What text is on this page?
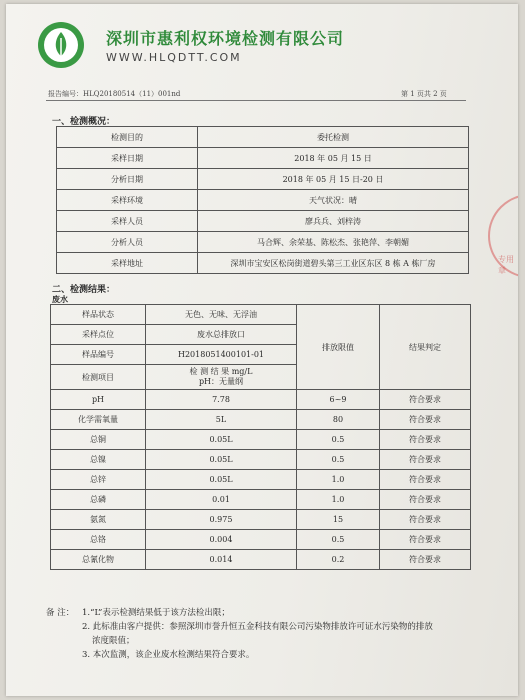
深圳市惠利权环境检测有限公司
WWW.HLQDTT.COM
报告编号：HLQ20180514（11）001nd	第 1 页共 2 页
一、检测概况：
检测目的	委托检测
采样日期	2018 年 05 月 15 日
分析日期	2018 年 05 月 15 日-20 日
采样环境	天气状况：晴
采样人员	廖兵兵、刘梓涛
分析人员	马合辉、余荣基、陈松杰、张艳萍、李朝媚
采样地址	深圳市宝安区松岗街道碧头第三工业区东区 8 栋 A 栋厂房
二、检测结果：
废水
样品状态	无色、无味、无浮油	排放限值	结果判定
采样点位	废水总排放口		
样品编号	H2018051400101-01		
检测项目	检 测 结 果 mg/L
pH：无量纲		

pH	7.78	6~9	符合要求
化学需氧量	5L	80	符合要求
总铜	0.05L	0.5	符合要求
总镍	0.05L	0.5	符合要求
总锌	0.05L	1.0	符合要求
总磷	0.01	1.0	符合要求
氨氮	0.975	15	符合要求
总铬	0.004	0.5	符合要求
总氰化物	0.014	0.2	符合要求
备 注： 1.“L”表示检测结果低于该方法检出限；
2. 此标准由客户提供：参照深圳市誉升恒五金科技有限公司污染物排放许可证水污染物的排放
浓度限值；
3. 本次监测，该企业废水检测结果符合要求。
专用章
